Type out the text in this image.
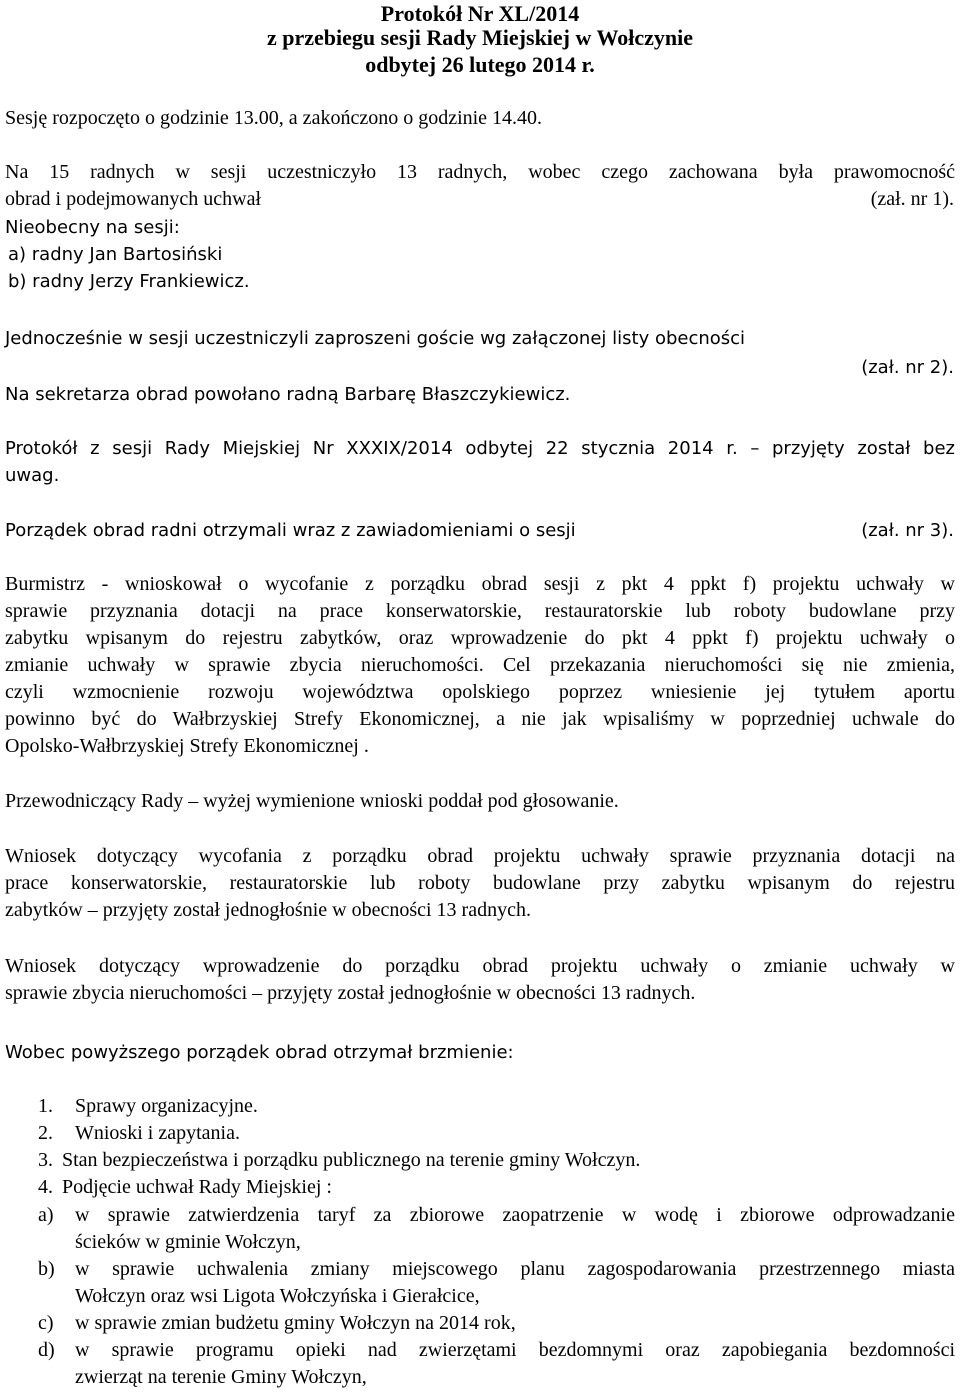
Protokół Nr XL/2014
z przebiegu sesji Rady Miejskiej w Wołczynie
odbytej 26 lutego 2014 r.
Sesję rozpoczęto o godzinie 13.00, a zakończono o godzinie 14.40.
Na 15 radnych w sesji uczestniczyło 13 radnych, wobec czego zachowana była prawomocność
obrad i podejmowanych uchwał	(zał. nr 1).
Nieobecny na sesji:
a) radny Jan Bartosiński
b) radny Jerzy Frankiewicz.
Jednocześnie w sesji uczestniczyli zaproszeni goście wg załączonej listy obecności
(zał. nr 2).
Na sekretarza obrad powołano radną Barbarę Błaszczykiewicz.
Protokół z sesji Rady Miejskiej Nr XXXIX/2014 odbytej 22 stycznia 2014 r. – przyjęty został bez
uwag.
Porządek obrad radni otrzymali wraz z zawiadomieniami o sesji	(zał. nr 3).
Burmistrz - wnioskował o wycofanie z porządku obrad sesji z pkt 4 ppkt f) projektu uchwały w
sprawie przyznania dotacji na prace konserwatorskie, restauratorskie lub roboty budowlane przy
zabytku wpisanym do rejestru zabytków, oraz wprowadzenie do pkt 4 ppkt f) projektu uchwały o
zmianie uchwały w sprawie zbycia nieruchomości. Cel przekazania nieruchomości się nie zmienia,
czyli wzmocnienie rozwoju województwa opolskiego poprzez wniesienie jej tytułem aportu
powinno być do Wałbrzyskiej Strefy Ekonomicznej, a nie jak wpisaliśmy w poprzedniej uchwale do
Opolsko-Wałbrzyskiej Strefy Ekonomicznej .
Przewodniczący Rady – wyżej wymienione wnioski poddał pod głosowanie.
Wniosek dotyczący wycofania z porządku obrad projektu uchwały sprawie przyznania dotacji na
prace konserwatorskie, restauratorskie lub roboty budowlane przy zabytku wpisanym do rejestru
zabytków – przyjęty został jednogłośnie w obecności 13 radnych.
Wniosek dotyczący wprowadzenie do porządku obrad projektu uchwały o zmianie uchwały w
sprawie zbycia nieruchomości – przyjęty został jednogłośnie w obecności 13 radnych.
Wobec powyższego porządek obrad otrzymał brzmienie:
1. Sprawy organizacyjne.
2. Wnioski i zapytania.
3. Stan bezpieczeństwa i porządku publicznego na terenie gminy Wołczyn.
4. Podjęcie uchwał Rady Miejskiej :
a) w sprawie zatwierdzenia taryf za zbiorowe zaopatrzenie w wodę i zbiorowe odprowadzanie
ścieków w gminie Wołczyn,
b) w sprawie uchwalenia zmiany miejscowego planu zagospodarowania przestrzennego miasta
Wołczyn oraz wsi Ligota Wołczyńska i Gierałcice,
c) w sprawie zmian budżetu gminy Wołczyn na 2014 rok,
d) w sprawie programu opieki nad zwierzętami bezdomnymi oraz zapobiegania bezdomności
zwierząt na terenie Gminy Wołczyn,
